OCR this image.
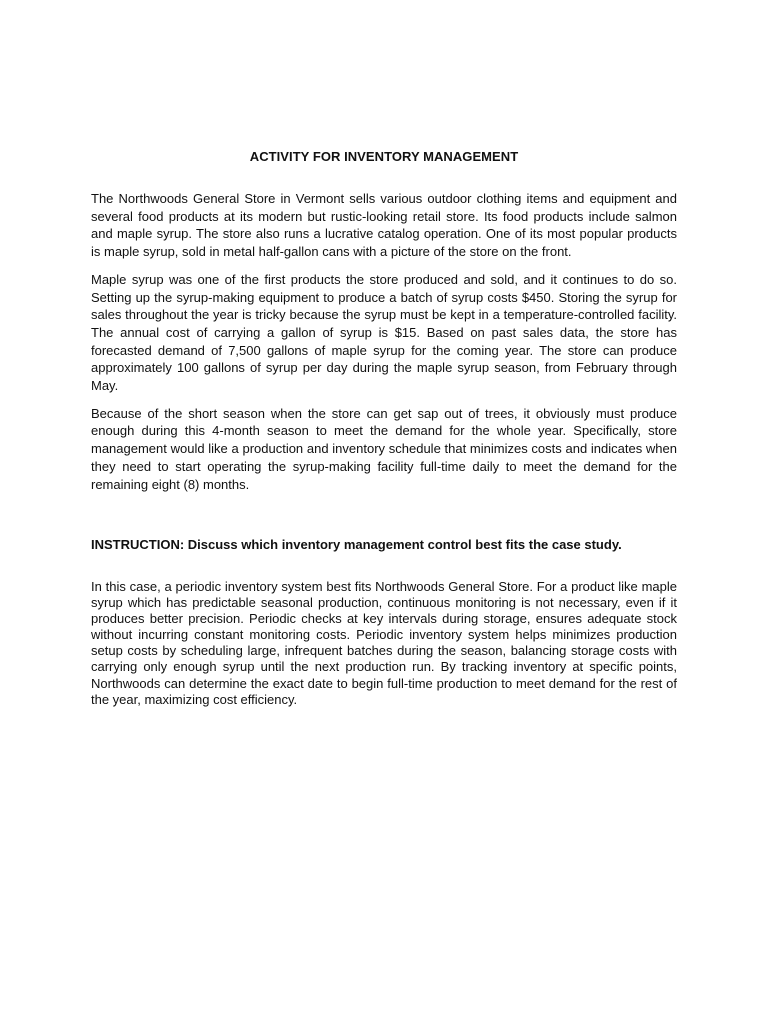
ACTIVITY FOR INVENTORY MANAGEMENT

The Northwoods General Store in Vermont sells various outdoor clothing items and equipment and several food products at its modern but rustic-looking retail store. Its food products include salmon and maple syrup. The store also runs a lucrative catalog operation. One of its most popular products is maple syrup, sold in metal half-gallon cans with a picture of the store on the front.

Maple syrup was one of the first products the store produced and sold, and it continues to do so. Setting up the syrup-making equipment to produce a batch of syrup costs $450. Storing the syrup for sales throughout the year is tricky because the syrup must be kept in a temperature-controlled facility. The annual cost of carrying a gallon of syrup is $15. Based on past sales data, the store has forecasted demand of 7,500 gallons of maple syrup for the coming year. The store can produce approximately 100 gallons of syrup per day during the maple syrup season, from February through May.

Because of the short season when the store can get sap out of trees, it obviously must produce enough during this 4-month season to meet the demand for the whole year. Specifically, store management would like a production and inventory schedule that minimizes costs and indicates when they need to start operating the syrup-making facility full-time daily to meet the demand for the remaining eight (8) months.

INSTRUCTION: Discuss which inventory management control best fits the case study.

In this case, a periodic inventory system best fits Northwoods General Store. For a product like maple syrup which has predictable seasonal production, continuous monitoring is not necessary, even if it produces better precision. Periodic checks at key intervals during storage, ensures adequate stock without incurring constant monitoring costs. Periodic inventory system helps minimizes production setup costs by scheduling large, infrequent batches during the season, balancing storage costs with carrying only enough syrup until the next production run. By tracking inventory at specific points, Northwoods can determine the exact date to begin full-time production to meet demand for the rest of the year, maximizing cost efficiency.
